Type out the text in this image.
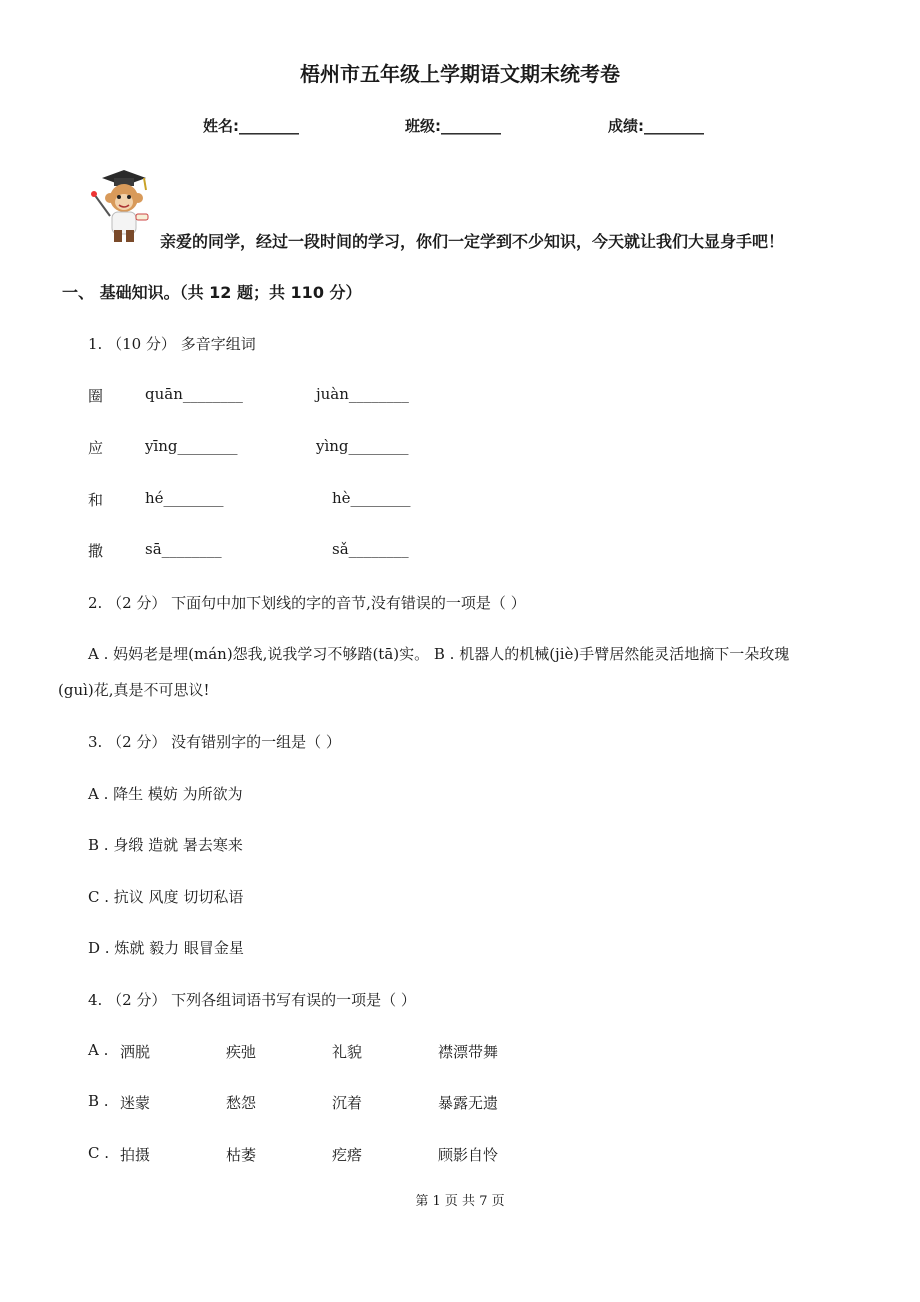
梧州市五年级上学期语文期末统考卷
姓名:________	班级:________	成绩:________
亲爱的同学，经过一段时间的学习，你们一定学到不少知识，今天就让我们大显身手吧！
一、 基础知识。（共 12 题；共 110 分）
1. （10 分） 多音字组词
圈	quān________	juàn________
应	yīng________	yìng________
和	hé________	hè________
撒	sā________	sǎ________
2. （2 分） 下面句中加下划线的字的音节,没有错误的一项是（ ）
A . 妈妈老是埋(mán)怨我,说我学习不够踏(tā)实。 B . 机器人的机械(jiè)手臂居然能灵活地摘下一朵玫瑰
(guì)花,真是不可思议!
3. （2 分） 没有错别字的一组是（ ）
A . 降生 模妨 为所欲为
B . 身缎 造就 暑去寒来
C . 抗议 风度 切切私语
D . 炼就 毅力 眼冒金星
4. （2 分） 下列各组词语书写有误的一项是（ ）
A . 洒脱	疾弛	礼貌	襟漂带舞
B . 迷蒙	愁怨	沉着	暴露无遗
C . 拍摄	枯萎	疙瘩	顾影自怜
第 1 页 共 7 页
